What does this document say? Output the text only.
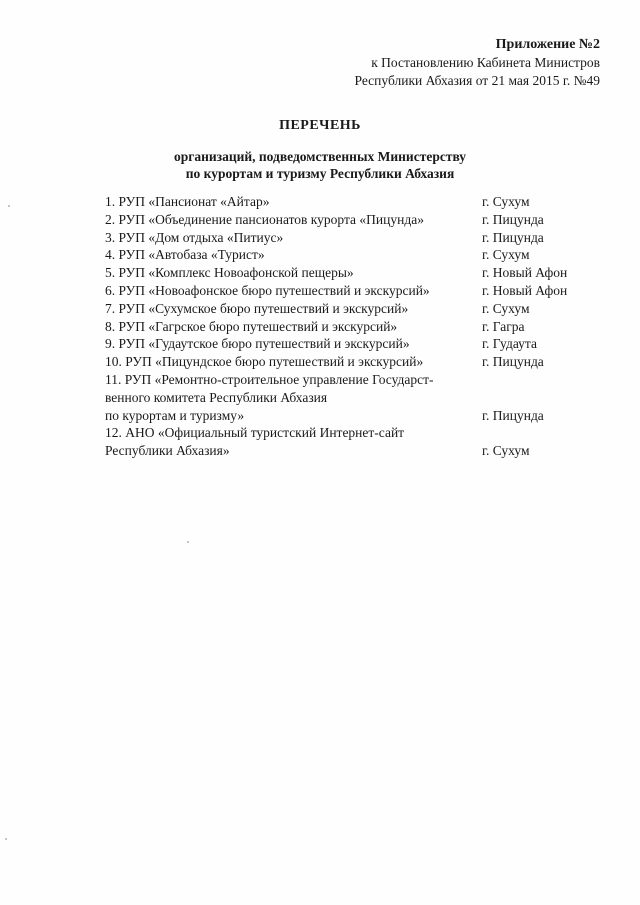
Приложение №2
к Постановлению Кабинета Министров
Республики Абхазия от 21 мая 2015 г. №49
ПЕРЕЧЕНЬ
организаций, подведомственных Министерству
по курортам и туризму Республики Абхазия
1. РУП «Пансионат «Айтар»	г. Сухум
2. РУП «Объединение пансионатов курорта «Пицунда»	г. Пицунда
3. РУП «Дом отдыха «Питиус»	г. Пицунда
4. РУП «Автобаза «Турист»	г. Сухум
5. РУП «Комплекс Новоафонской пещеры»	г. Новый Афон
6. РУП «Новоафонское бюро путешествий и экскурсий»	г. Новый Афон
7. РУП «Сухумское бюро путешествий и экскурсий»	г. Сухум
8. РУП «Гагрское бюро путешествий и экскурсий»	г. Гагра
9. РУП «Гудаутское бюро путешествий и экскурсий»	г. Гудаута
10. РУП «Пицундское бюро путешествий и экскурсий»	г. Пицунда
11. РУП «Ремонтно-строительное управление Государст-
венного комитета Республики Абхазия
по курортам и туризму»	г. Пицунда
12. АНО «Официальный туристский Интернет-сайт
Республики Абхазия»	г. Сухум
